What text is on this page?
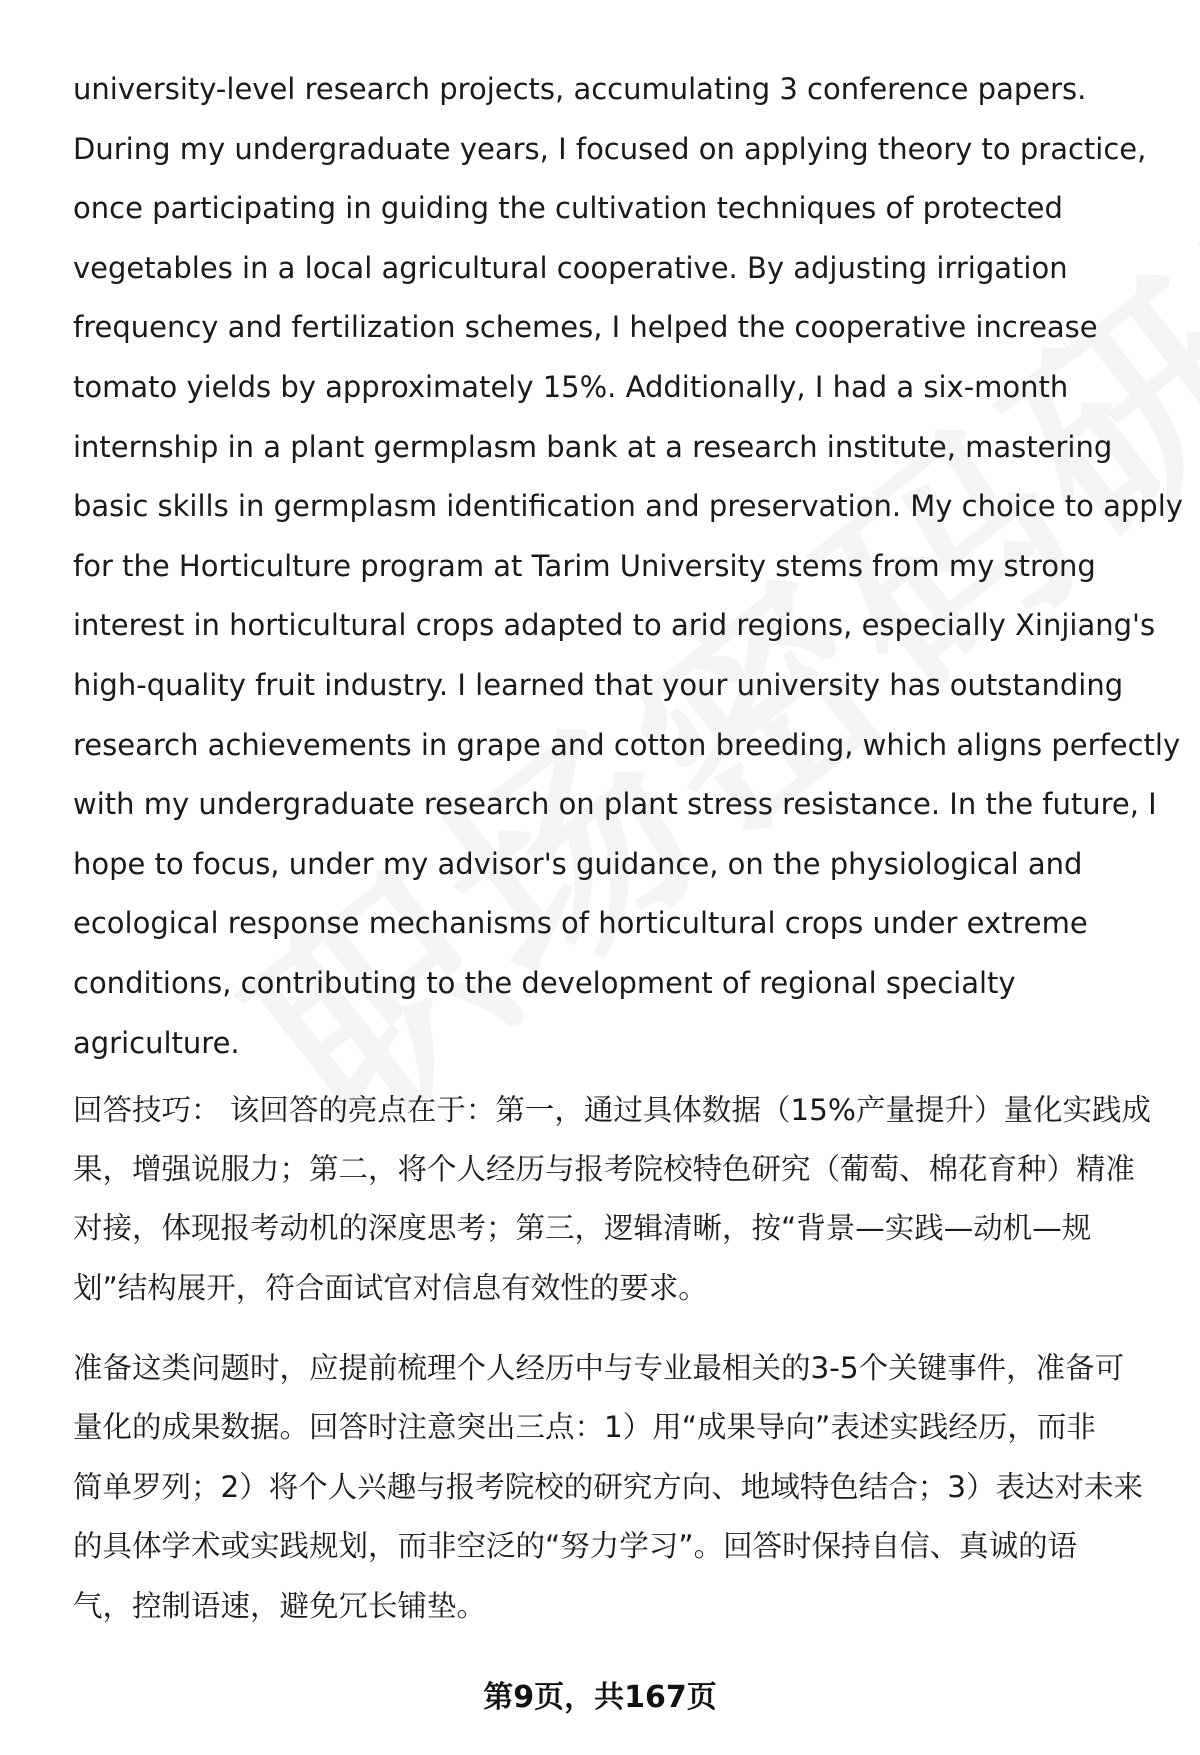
university-level research projects, accumulating 3 conference papers.
During my undergraduate years, I focused on applying theory to practice,
once participating in guiding the cultivation techniques of protected
vegetables in a local agricultural cooperative. By adjusting irrigation
frequency and fertilization schemes, I helped the cooperative increase
tomato yields by approximately 15%. Additionally, I had a six-month
internship in a plant germplasm bank at a research institute, mastering
basic skills in germplasm identification and preservation. My choice to apply
for the Horticulture program at Tarim University stems from my strong
interest in horticultural crops adapted to arid regions, especially Xinjiang's
high-quality fruit industry. I learned that your university has outstanding
research achievements in grape and cotton breeding, which aligns perfectly
with my undergraduate research on plant stress resistance. In the future, I
hope to focus, under my advisor's guidance, on the physiological and
ecological response mechanisms of horticultural crops under extreme
conditions, contributing to the development of regional specialty
agriculture.
回答技巧： 该回答的亮点在于：第一，通过具体数据（15%产量提升）量化实践成
果，增强说服力；第二，将个人经历与报考院校特色研究（葡萄、棉花育种）精准
对接，体现报考动机的深度思考；第三，逻辑清晰，按“背景—实践—动机—规
划”结构展开，符合面试官对信息有效性的要求。
准备这类问题时，应提前梳理个人经历中与专业最相关的3-5个关键事件，准备可
量化的成果数据。回答时注意突出三点：1）用“成果导向”表述实践经历，而非
简单罗列；2）将个人兴趣与报考院校的研究方向、地域特色结合；3）表达对未来
的具体学术或实践规划，而非空泛的“努力学习”。回答时保持自信、真诚的语
气，控制语速，避免冗长铺垫。
第9页，共167页
